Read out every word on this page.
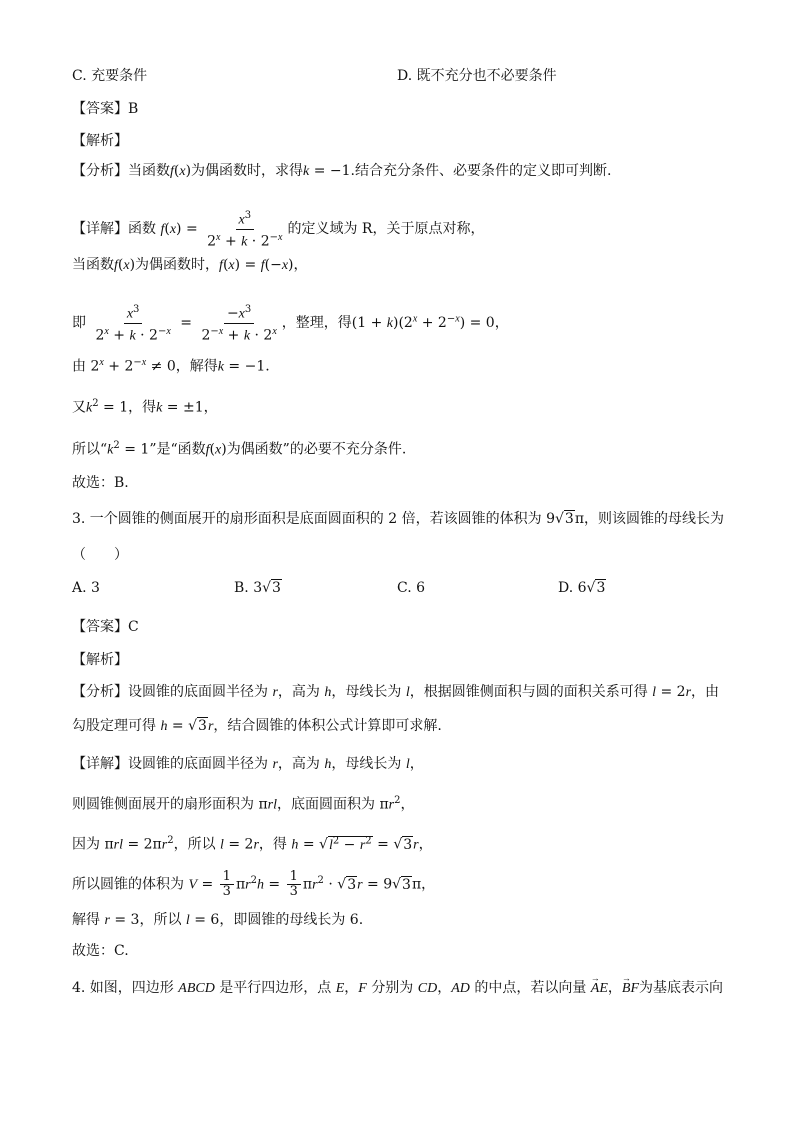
C. 充要条件	D. 既不充分也不必要条件
【答案】B
【解析】
【分析】当函数f(x)为偶函数时，求得k = −1.结合充分条件、必要条件的定义即可判断.
【详解】函数 $f(x) = \frac{x^3}{2^x + k \cdot 2^{-x}}$ 的定义域为 R，关于原点对称，
当函数f(x)为偶函数时，f(x) = f(−x)，
即 $\frac{x^3}{2^x + k \cdot 2^{-x}} = \frac{-x^3}{2^{-x} + k \cdot 2^x}$ ，整理，得$(1 + k)(2^x + 2^{-x}) = 0$，
由 $2^x + 2^{-x} \ne 0$，解得k = −1.
又$k^2 = 1$，得k = ±1，
所以“$k^2 = 1$”是“函数f(x)为偶函数”的必要不充分条件.
故选：B.
3. 一个圆锥的侧面展开的扇形面积是底面圆面积的 2 倍，若该圆锥的体积为 9√3π，则该圆锥的母线长为
（　　）
A. 3	B. 3√3	C. 6	D. 6√3
【答案】C
【解析】
【分析】设圆锥的底面圆半径为 r，高为 h，母线长为 l，根据圆锥侧面积与圆的面积关系可得 l = 2r，由
勾股定理可得 h = √3r，结合圆锥的体积公式计算即可求解.
【详解】设圆锥的底面圆半径为 r，高为 h，母线长为 l，
则圆锥侧面展开的扇形面积为 πrl，底面圆面积为 $\pi r^2$，
因为 $\pi rl = 2\pi r^2$，所以 l = 2r，得 $h = √l^2 - r^2 = √3r$，
所以圆锥的体积为 $V = \frac{1}{3} \pi r^2h = \frac{1}{3} \pi r^2 \cdot √3r = 9√3\pi$，
解得 r = 3，所以 l = 6，即圆锥的母线长为 6.
故选：C.
4. 如图，四边形 ABCD 是平行四边形，点 E，F 分别为 CD，AD 的中点，若以向量 → AE，→ BF为基底表示向
